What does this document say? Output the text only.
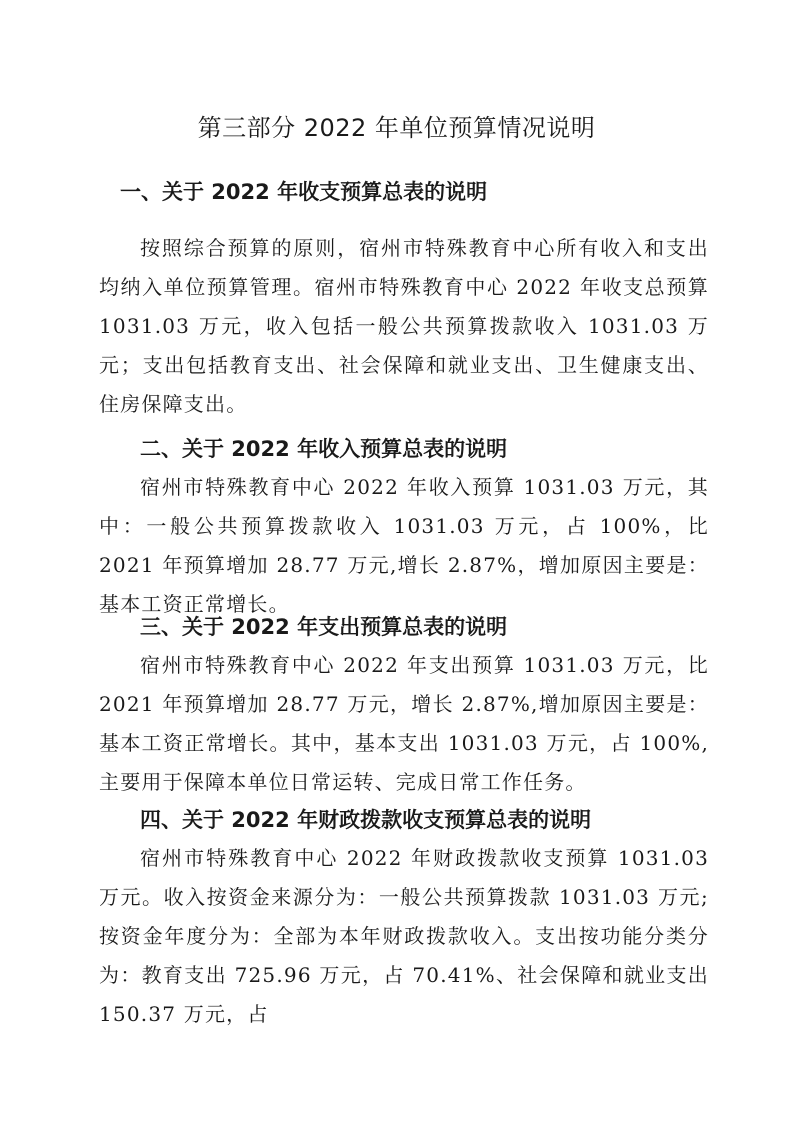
第三部分 2022 年单位预算情况说明
一、关于 2022 年收支预算总表的说明

按照综合预算的原则，宿州市特殊教育中心所有收入和支出均纳入单位预算管理。宿州市特殊教育中心 2022 年收支总预算 1031.03 万元，收入包括一般公共预算拨款收入 1031.03 万元；支出包括教育支出、社会保障和就业支出、卫生健康支出、住房保障支出。

二、关于 2022 年收入预算总表的说明

宿州市特殊教育中心 2022 年收入预算 1031.03 万元，其中：一般公共预算拨款收入 1031.03 万元，占 100%，比 2021 年预算增加 28.77 万元,增长 2.87%，增加原因主要是：基本工资正常增长。

三、关于 2022 年支出预算总表的说明

宿州市特殊教育中心 2022 年支出预算 1031.03 万元，比 2021 年预算增加 28.77 万元，增长 2.87%,增加原因主要是：基本工资正常增长。其中，基本支出 1031.03 万元，占 100%,主要用于保障本单位日常运转、完成日常工作任务。

四、关于 2022 年财政拨款收支预算总表的说明

宿州市特殊教育中心 2022 年财政拨款收支预算 1031.03 万元。收入按资金来源分为：一般公共预算拨款 1031.03 万元;按资金年度分为：全部为本年财政拨款收入。支出按功能分类分为：教育支出 725.96 万元，占 70.41%、社会保障和就业支出 150.37 万元，占
